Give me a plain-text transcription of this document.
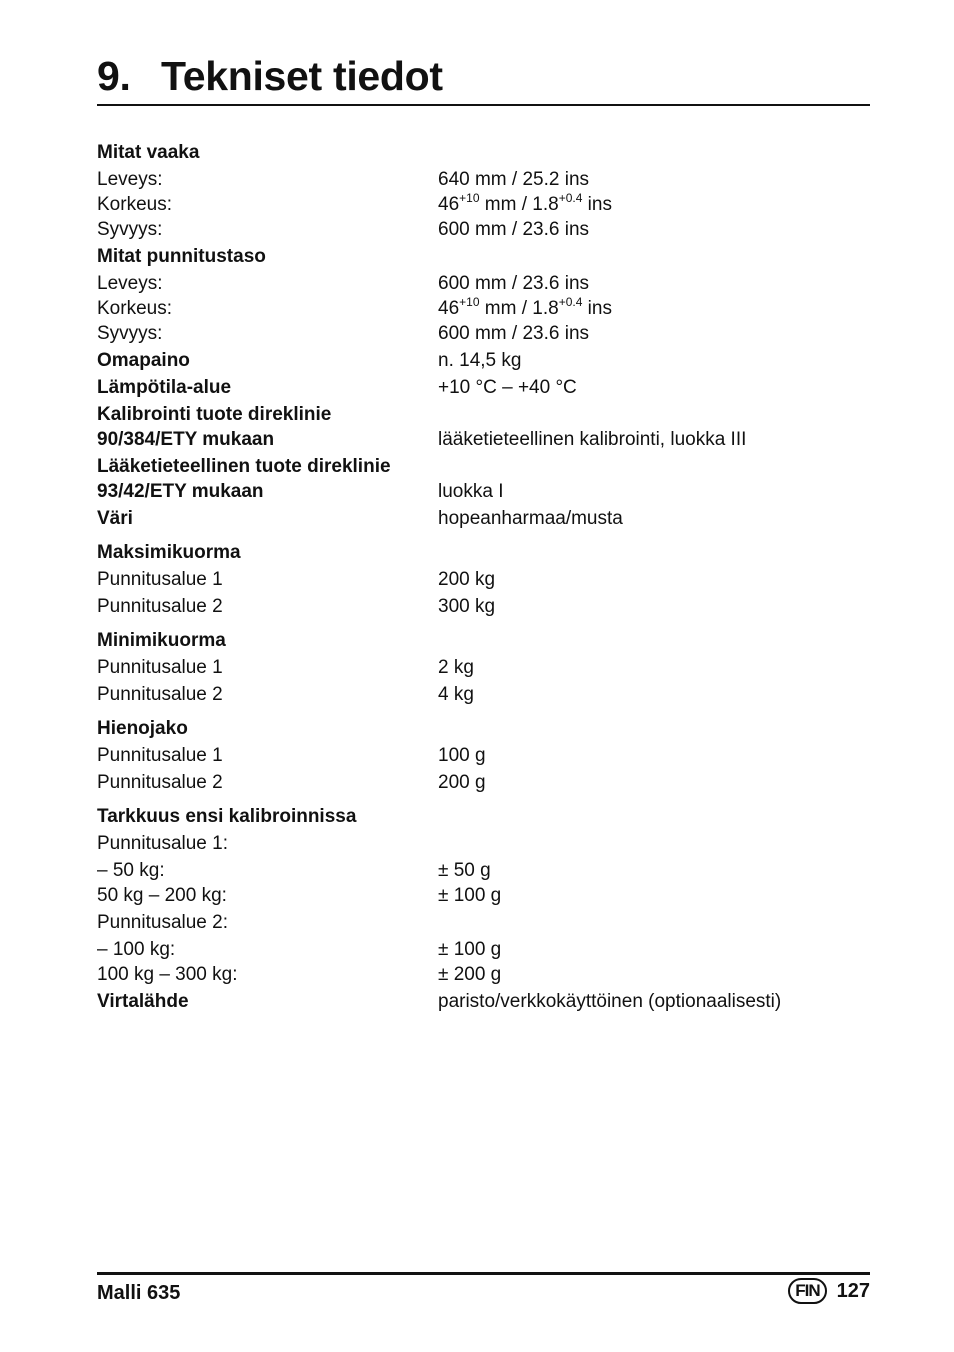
9. Tekniset tiedot
Mitat vaaka
Leveys:	640 mm / 25.2 ins
Korkeus:	$46^{+10}$ mm / $1.8^{+0.4}$ ins
Syvyys:	600 mm / 23.6 ins
Mitat punnitustaso
Leveys:	600 mm / 23.6 ins
Korkeus:	$46^{+10}$ mm / $1.8^{+0.4}$ ins
Syvyys:	600 mm / 23.6 ins
Omapaino	n. 14,5 kg
Lämpötila-alue	+10 °C – +40 °C
Kalibrointi tuote direklinie
90/384/ETY mukaan	lääketieteellinen kalibrointi, luokka III
Lääketieteellinen tuote direklinie
93/42/ETY mukaan	luokka I
Väri	hopeanharmaa/musta
Maksimikuorma
Punnitusalue 1	200 kg
Punnitusalue 2	300 kg
Minimikuorma
Punnitusalue 1	2 kg
Punnitusalue 2	4 kg
Hienojako
Punnitusalue 1	100 g
Punnitusalue 2	200 g
Tarkkuus ensi kalibroinnissa
Punnitusalue 1:
– 50 kg:	± 50 g
50 kg – 200 kg:	± 100 g
Punnitusalue 2:
– 100 kg:	± 100 g
100 kg – 300 kg:	± 200 g
Virtalähde	paristo/verkkokäyttöinen (optionaalisesti)
Malli 635	FIN 127
